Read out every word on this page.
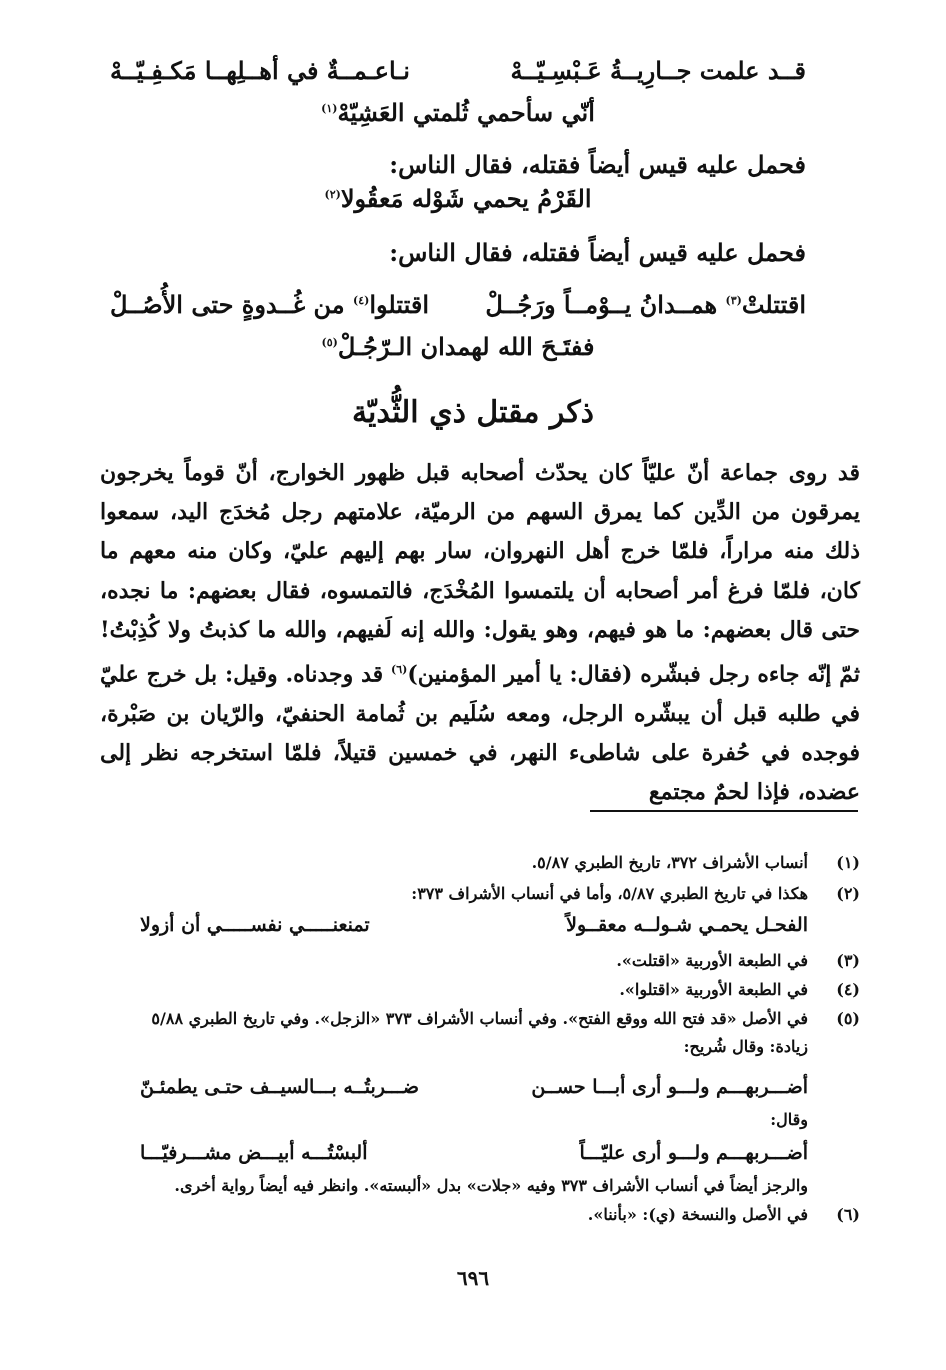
قــد علمت جــارِيــةُ عَـبْسِـيّــهْ
نـاعـمــةٌ في أهــلِهــا مَكـفِـيّــهْ
أنّي سأحمي ثُلمتي العَشِيّهْ$^{(١)}$
فحمل عليه قيس أيضاً فقتله، فقال الناس:
القَرْمُ يحمي شَوْله مَعقُولا$^{(٢)}$
فحمل عليه قيس أيضاً فقتله، فقال الناس:
اقتتلتْ$^{(٣)}$ همــدانُ يــوْمــاً ورَجُــلْ
اقتتلوا$^{(٤)}$ من غُــدوةٍ حتى الأُصُــلْ
ففتَـحَ الله لهمدان الـرّجُـلْ$^{(٥)}$
ذكر مقتل ذي الثُّديّة
قد روى جماعة أنّ عليّاً كان يحدّث أصحابه قبل ظهور الخوارج، أنّ قوماً يخرجون يمرقون من الدِّين كما يمرق السهم من الرميّة، علامتهم رجل مُخدَج اليد، سمعوا ذلك منه مراراً، فلمّا خرج أهل النهروان، سار بهم إليهم عليّ، وكان منه معهم ما كان، فلمّا فرغ أمر أصحابه أن يلتمسوا المُخْدَج، فالتمسوه، فقال بعضهم: ما نجده، حتى قال بعضهم: ما هو فيهم، وهو يقول: والله إنه لَفيهم، والله ما كذبتُ ولا كُذِبْتُ! ثمّ إنّه جاءه رجل فبشّره (فقال: يا أمير المؤمنين)$^{(٦)}$ قد وجدناه. وقيل: بل خرج عليّ في طلبه قبل أن يبشّره الرجل، ومعه سُلَيم بن ثُمامة الحنفيّ، والرّيان بن صَبْرة، فوجده في حُفرة على شاطىء النهر، في خمسين قتيلاً، فلمّا استخرجه نظر إلى عضده، فإذا لحمٌ مجتمع
(١)
أنساب الأشراف ٣٧٢، تاريخ الطبري ٥/٨٧.
(٢)
هكذا في تاريخ الطبري ٥/٨٧، وأما في أنساب الأشراف ٣٧٣:
الفحـل يحمـي شـولــه معقــولاً
تمنعنـــــي نفســـــي أن أزولا
(٣)
في الطبعة الأوربية «اقتلت».
(٤)
في الطبعة الأوربية «اقتلوا».
(٥)
في الأصل «قد فتح الله ووقع الفتح». وفي أنساب الأشراف ٣٧٣ «الزجل». وفي تاريخ الطبري ٥/٨٨
زيادة: وقال شُريح:
أضـــربهـــم ولـــو أرى أبـــا حســن
ضـــربتُــه بـــالسيــف حتـى يطمئـنّ
وقال:
أضـــربهـــم ولـــو أرى عليّـــاً
ألبسْتُـــه أبيـــض مشـــرفيّـــا
والرجز أيضاً في أنساب الأشراف ٣٧٣ وفيه «جلات» بدل «ألبسته». وانظر فيه أيضاً رواية أخرى.
(٦)
في الأصل والنسخة (ي): «بأننا».
٦٩٦
